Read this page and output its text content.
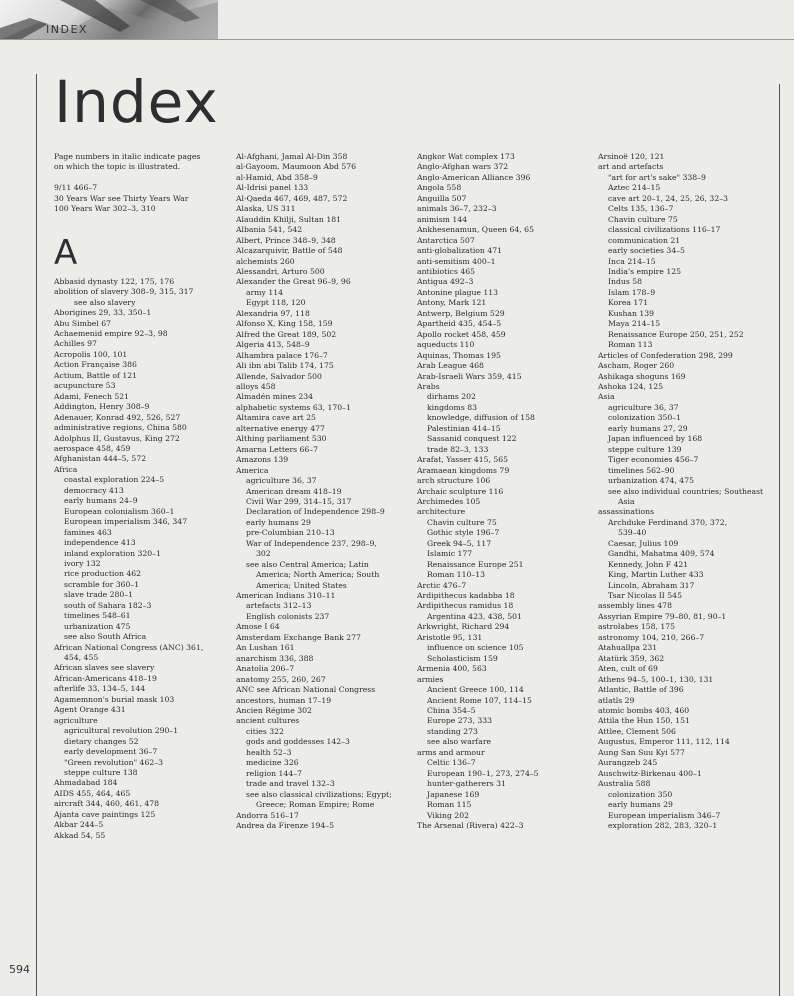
INDEX
Index
Page numbers in italic indicate pages
on which the topic is illustrated.

9/11 466–7
30 Years War see Thirty Years War
100 Years War 302–3, 310
A
Abbasid dynasty 122, 175, 176
abolition of slavery 308–9, 315, 317
see also slavery
Aborigines 29, 33, 350–1
Abu Simbel 67
Achaemenid empire 92–3, 98
Achilles 97
Acropolis 100, 101
Action Française 386
Actium, Battle of 121
acupuncture 53
Adami, Fenech 521
Addington, Henry 308–9
Adenauer, Konrad 492, 526, 527
administrative regions, China 580
Adolphus II, Gustavus, King 272
aerospace 458, 459
Afghanistan 444–5, 572
Africa
coastal exploration 224–5
democracy 413
early humans 24–9
European colonialism 360–1
European imperialism 346, 347
famines 463
independence 413
inland exploration 320–1
ivory 132
rice production 462
scramble for 360–1
slave trade 280–1
south of Sahara 182–3
timelines 548–61
urbanization 475
see also South Africa
African National Congress (ANC) 361,
454, 455
African slaves see slavery
African-Americans 418–19
afterlife 33, 134–5, 144
Agamemnon's burial mask 103
Agent Orange 431
agriculture
agricultural revolution 290–1
dietary changes 52
early development 36–7
"Green revolution" 462–3
steppe culture 138
Ahmadabad 184
AIDS 455, 464, 465
aircraft 344, 460, 461, 478
Ajanta cave paintings 125
Akbar 244–5
Akkad 54, 55
Al-Afghani, Jamal Al-Din 358
al-Gayoom, Maumoon Abd 576
al-Hamid, Abd 358–9
Al-Idrisi panel 133
Al-Qaeda 467, 469, 487, 572
Alaska, US 311
Alauddin Khilji, Sultan 181
Albania 541, 542
Albert, Prince 348–9, 348
Alcazarquivir, Battle of 548
alchemists 260
Alessandri, Arturo 500
Alexander the Great 96–9, 96
army 114
Egypt 118, 120
Alexandria 97, 118
Alfonso X, King 158, 159
Alfred the Great 189, 502
Algeria 413, 548–9
Alhambra palace 176–7
Ali ibn abi Talib 174, 175
Allende, Salvador 500
alloys 458
Almadén mines 234
alphabetic systems 63, 170–1
Altamira cave art 25
alternative energy 477
Althing parliament 530
Amarna Letters 66–7
Amazons 139
America
agriculture 36, 37
American dream 418–19
Civil War 299, 314–15, 317
Declaration of Independence 298–9
early humans 29
pre-Columbian 210–13
War of Independence 237, 298–9,
302
see also Central America; Latin
America; North America; South
America; United States
American Indians 310–11
artefacts 312–13
English colonists 237
Amose I 64
Amsterdam Exchange Bank 277
An Lushan 161
anarchism 336, 388
Anatolia 206–7
anatomy 255, 260, 267
ANC see African National Congress
ancestors, human 17–19
Ancien Régime 302
ancient cultures
cities 322
gods and goddesses 142–3
health 52–3
medicine 326
religion 144–7
trade and travel 132–3
see also classical civilizations; Egypt;
Greece; Roman Empire; Rome
Andorra 516–17
Andrea da Firenze 194–5
Angkor Wat complex 173
Anglo-Afghan wars 372
Anglo-American Alliance 396
Angola 558
Anguilla 507
animals 36–7, 232–3
animism 144
Ankhesenamun, Queen 64, 65
Antarctica 507
anti-globalization 471
anti-semitism 400–1
antibiotics 465
Antigua 492–3
Antonine plague 113
Antony, Mark 121
Antwerp, Belgium 529
Apartheid 435, 454–5
Apollo rocket 458, 459
aqueducts 110
Aquinas, Thomas 195
Arab League 468
Arab-Israeli Wars 359, 415
Arabs
dirhams 202
kingdoms 83
knowledge, diffusion of 158
Palestinian 414–15
Sassanid conquest 122
trade 82–3, 133
Arafat, Yasser 415, 565
Aramaean kingdoms 79
arch structure 106
Archaic sculpture 116
Archimedes 105
architecture
Chavin culture 75
Gothic style 196–7
Greek 94–5, 117
Islamic 177
Renaissance Europe 251
Roman 110–13
Arctic 476–7
Ardipithecus kadabba 18
Ardipithecus ramidus 18
Argentina 423, 438, 501
Arkwright, Richard 294
Aristotle 95, 131
influence on science 105
Scholasticism 159
Armenia 400, 563
armies
Ancient Greece 100, 114
Ancient Rome 107, 114–15
China 354–5
Europe 273, 333
standing 273
see also warfare
arms and armour
Celtic 136–7
European 190–1, 273, 274–5
hunter-gatherers 31
Japanese 169
Roman 115
Viking 202
The Arsenal (Rivera) 422–3
Arsinoë 120, 121
art and artefacts
"art for art's sake" 338–9
Aztec 214–15
cave art 20–1, 24, 25, 26, 32–3
Celts 135, 136–7
Chavin culture 75
classical civilizations 116–17
communication 21
early societies 34–5
Inca 214–15
India's empire 125
Indus 58
Islam 178–9
Korea 171
Kushan 139
Maya 214–15
Renaissance Europe 250, 251, 252
Roman 113
Articles of Confederation 298, 299
Ascham, Roger 260
Ashikaga shoguns 169
Ashoka 124, 125
Asia
agriculture 36, 37
colonization 350–1
early humans 27, 29
Japan influenced by 168
steppe culture 139
Tiger economies 456–7
timelines 562–90
urbanization 474, 475
see also individual countries; Southeast
Asia
assassinations
Archduke Ferdinand 370, 372,
539–40
Caesar, Julius 109
Gandhi, Mahatma 409, 574
Kennedy, John F 421
King, Martin Luther 433
Lincoln, Abraham 317
Tsar Nicolas II 545
assembly lines 478
Assyrian Empire 79–80, 81, 90–1
astrolabes 158, 175
astronomy 104, 210, 266–7
Atahuallpa 231
Atatürk 359, 362
Aten, cult of 69
Athens 94–5, 100–1, 130, 131
Atlantic, Battle of 396
atlatls 29
atomic bombs 403, 460
Attila the Hun 150, 151
Attlee, Clement 506
Augustus, Emperor 111, 112, 114
Aung San Suu Kyi 577
Aurangzeb 245
Auschwitz-Birkenau 400–1
Australia 588
colonization 350
early humans 29
European imperialism 346–7
exploration 282, 283, 320–1
594
